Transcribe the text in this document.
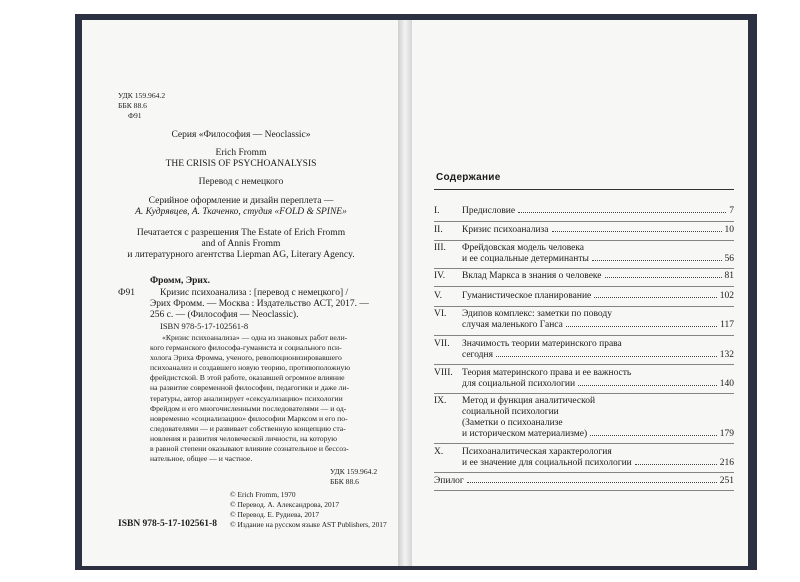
УДК 159.964.2
ББК 88.6
Ф91
Серия «Философия — Neoclassic»
Erich Fromm
THE CRISIS OF PSYCHOANALYSIS
Перевод с немецкого
Серийное оформление и дизайн переплета —
А. Кудрявцев, А. Ткаченко, студия «FOLD & SPINE»
Печатается с разрешения The Estate of Erich Fromm
and of Annis Fromm
и литературного агентства Liepman AG, Literary Agency.
Фромм, Эрих.
Ф91	Кризис психоанализа : [перевод с немецкого] /
Эрих Фромм. — Москва : Издательство АСТ, 2017. —
256 с. — (Философия — Neoclassic).
ISBN 978-5-17-102561-8

«Кризис психоанализа» — одна из знаковых работ вели-

кого германского философа-гуманиста и социального пси-
холога Эриха Фромма, ученого, революционизировавшего
психоанализ и создавшего новую теорию, противоположную
фрейдистской. В этой работе, оказавшей огромное влияние
на развитие современной философии, педагогики и даже ли-
тературы, автор анализирует «сексуализацию» психологии
Фрейдом и его многочисленными последователями — и од-
новременно «социализацию» философии Марксом и его по-
следователями — и развивает собственную концепцию ста-
новления и развития человеческой личности, на которую
в равной степени оказывают влияние сознательное и бессоз-
нательное, общее — и частное.
УДК 159.964.2
ББК 88.6
© Erich Fromm, 1970
© Перевод. А. Александрова, 2017
© Перевод. Е. Рудиева, 2017
© Издание на русском языке AST Publishers, 2017
ISBN 978-5-17-102561-8
Содержание
I. Предисловие	7
II. Кризис психоанализа	10
III. Фрейдовская модель человека
и ее социальные детерминанты	56
IV. Вклад Маркса в знания о человеке	81
V. Гуманистическое планирование	102
VI. Эдипов комплекс: заметки по поводу
случая маленького Ганса	117
VII. Значимость теории материнского права
сегодня	132
VIII. Теория материнского права и ее важность
для социальной психологии	140
IX. Метод и функция аналитической
социальной психологии
(Заметки о психоанализе
и историческом материализме)	179
X. Психоаналитическая характерология
и ее значение для социальной психологии	216
Эпилог	251
